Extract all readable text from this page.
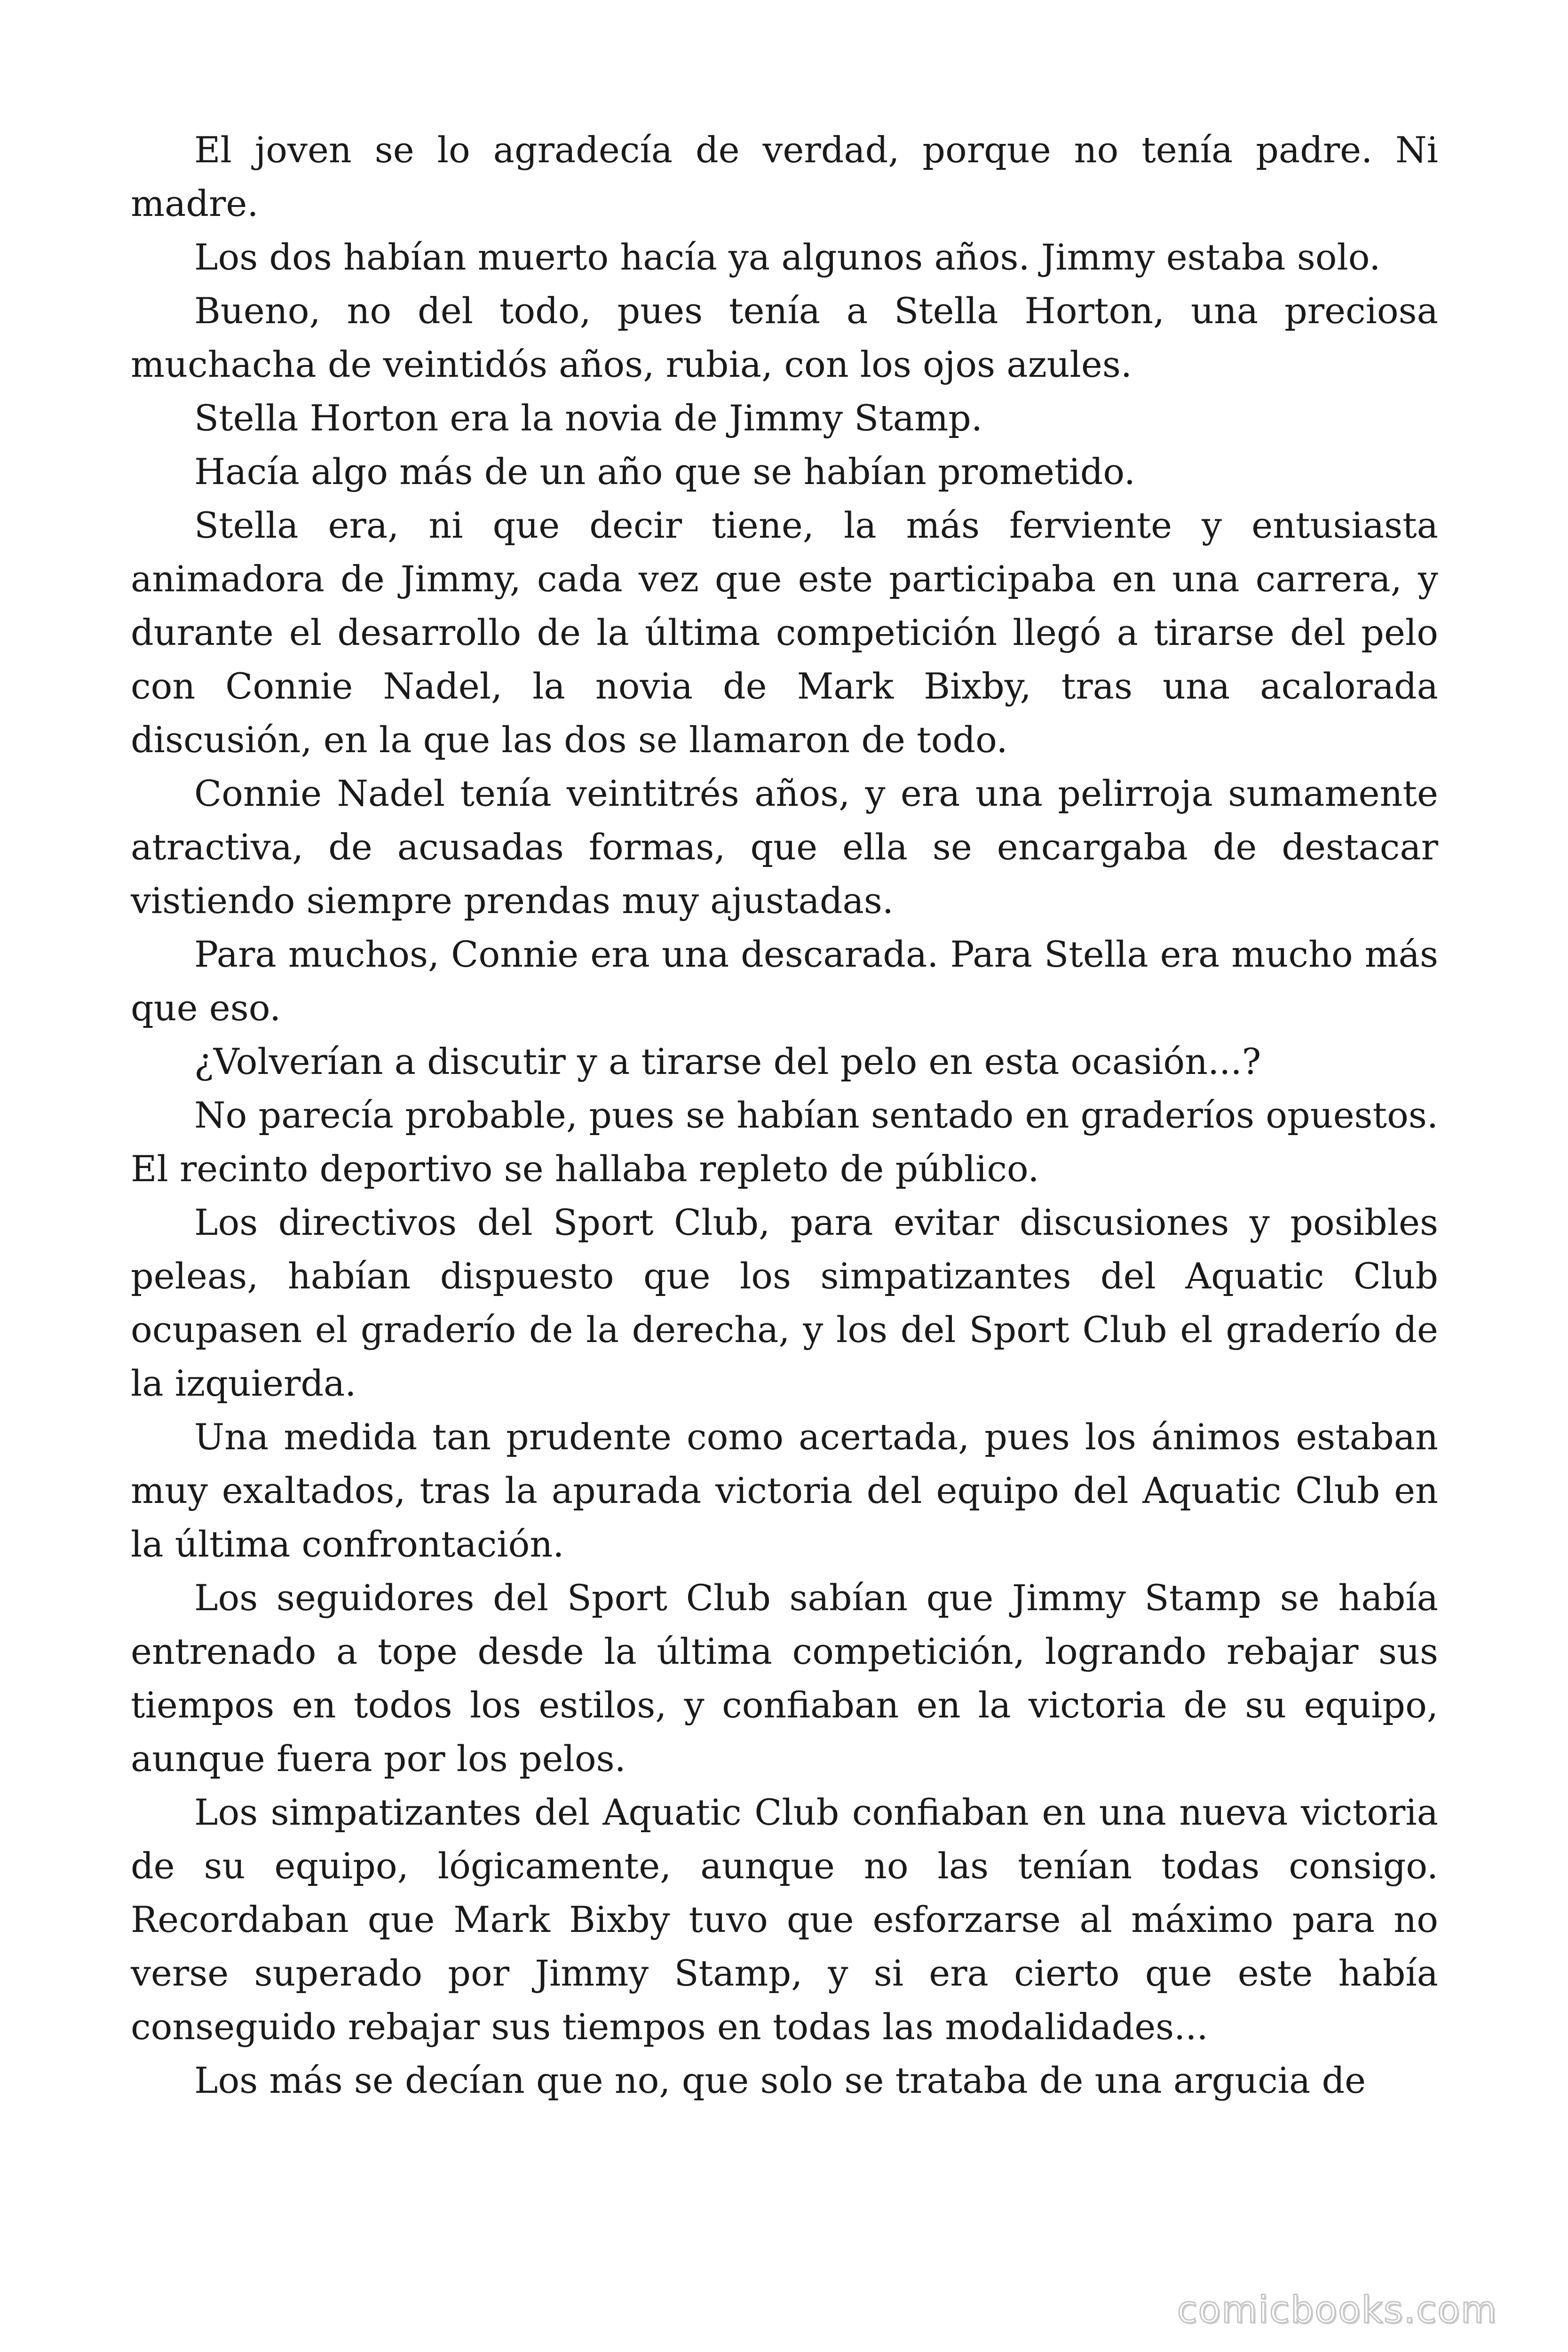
El joven se lo agradecía de verdad, porque no tenía padre. Ni madre.

Los dos habían muerto hacía ya algunos años. Jimmy estaba solo.

Bueno, no del todo, pues tenía a Stella Horton, una preciosa muchacha de veintidós años, rubia, con los ojos azules.

Stella Horton era la novia de Jimmy Stamp.

Hacía algo más de un año que se habían prometido.

Stella era, ni que decir tiene, la más ferviente y entusiasta animadora de Jimmy, cada vez que este participaba en una carrera, y durante el desarrollo de la última competición llegó a tirarse del pelo con Connie Nadel, la novia de Mark Bixby, tras una acalorada discusión, en la que las dos se llamaron de todo.

Connie Nadel tenía veintitrés años, y era una pelirroja sumamente atractiva, de acusadas formas, que ella se encargaba de destacar vistiendo siempre prendas muy ajustadas.

Para muchos, Connie era una descarada. Para Stella era mucho más que eso.

¿Volverían a discutir y a tirarse del pelo en esta ocasión...?

No parecía probable, pues se habían sentado en graderíos opuestos. El recinto deportivo se hallaba repleto de público.

Los directivos del Sport Club, para evitar discusiones y posibles peleas, habían dispuesto que los simpatizantes del Aquatic Club ocupasen el graderío de la derecha, y los del Sport Club el graderío de la izquierda.

Una medida tan prudente como acertada, pues los ánimos estaban muy exaltados, tras la apurada victoria del equipo del Aquatic Club en la última confrontación.

Los seguidores del Sport Club sabían que Jimmy Stamp se había entrenado a tope desde la última competición, logrando rebajar sus tiempos en todos los estilos, y confiaban en la victoria de su equipo, aunque fuera por los pelos.

Los simpatizantes del Aquatic Club confiaban en una nueva victoria de su equipo, lógicamente, aunque no las tenían todas consigo. Recordaban que Mark Bixby tuvo que esforzarse al máximo para no verse superado por Jimmy Stamp, y si era cierto que este había conseguido rebajar sus tiempos en todas las modalidades...

Los más se decían que no, que solo se trataba de una argucia de

comicbooks.com
